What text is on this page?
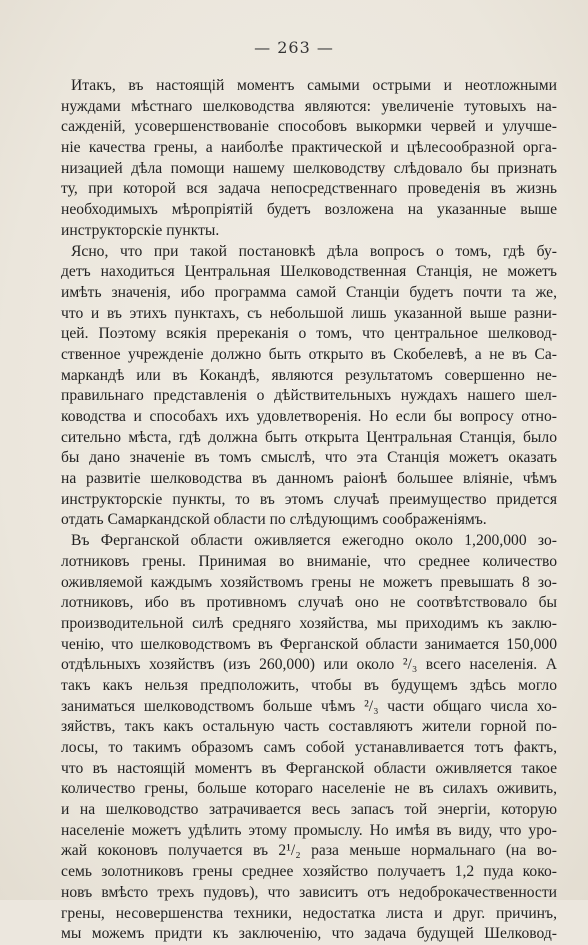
— 263 —
Итакъ, въ настоящій моментъ самыми острыми и неотложными
нуждами мѣстнаго шелководства являются: увеличеніе тутовыхъ на-
сажденій, усовершенствованіе способовъ выкормки червей и улучше-
ніе качества грены, а наиболѣе практической и цѣлесообразной орга-
низацией дѣла помощи нашему шелководству слѣдовало бы признать
ту, при которой вся задача непосредственнаго проведенія въ жизнь
необходимыхъ мѣропріятій будетъ возложена на указанные выше
инструкторскіе пункты.
Ясно, что при такой постановкѣ дѣла вопросъ о томъ, гдѣ бу-
детъ находиться Центральная Шелководственная Станція, не можетъ
имѣть значенія, ибо программа самой Станціи будетъ почти та же,
что и въ этихъ пунктахъ, съ небольшой лишь указанной выше разни-
цей. Поэтому всякія пререканія о томъ, что центральное шелковод-
ственное учрежденіе должно быть открыто въ Скобелевѣ, а не въ Са-
маркандѣ или въ Кокандѣ, являются результатомъ совершенно не-
правильнаго представленія о дѣйствительныхъ нуждахъ нашего шел-
ководства и способахъ ихъ удовлетворенія. Но если бы вопросу отно-
сительно мѣста, гдѣ должна быть открыта Центральная Станція, было
бы дано значеніе въ томъ смыслѣ, что эта Станція можетъ оказать
на развитіе шелководства въ данномъ раіонѣ большее вліяніе, чѣмъ
инструкторскіе пункты, то въ этомъ случаѣ преимущество придется
отдать Самаркандской области по слѣдующимъ соображеніямъ.
Въ Ферганской области оживляется ежегодно около 1,200,000 зо-
лотниковъ грены. Принимая во вниманіе, что среднее количество
оживляемой каждымъ хозяйствомъ грены не можетъ превышать 8 зо-
лотниковъ, ибо въ противномъ случаѣ оно не соотвѣтствовало бы
производительной силѣ средняго хозяйства, мы приходимъ къ заклю-
ченію, что шелководствомъ въ Ферганской области занимается 150,000
отдѣльныхъ хозяйствъ (изъ 260,000) или около ²/₃ всего населенія. А
такъ какъ нельзя предположить, чтобы въ будущемъ здѣсь могло
заниматься шелководствомъ больше чѣмъ ²/₃ части общаго числа хо-
зяйствъ, такъ какъ остальную часть составляютъ жители горной по-
лосы, то такимъ образомъ самъ собой устанавливается тотъ фактъ,
что въ настоящій моментъ въ Ферганской области оживляется такое
количество грены, больше котораго населеніе не въ силахъ оживить,
и на шелководство затрачивается весь запасъ той энергіи, которую
населеніе можетъ удѣлить этому промыслу. Но имѣя въ виду, что уро-
жай коконовъ получается въ 2¹/₂ раза меньше нормальнаго (на во-
семь золотниковъ грены среднее хозяйство получаетъ 1,2 пуда коко-
новъ вмѣсто трехъ пудовъ), что зависитъ отъ недоброкачественности
грены, несовершенства техники, недостатка листа и друг. причинъ,
мы можемъ придти къ заключенію, что задача будущей Шелковод-
